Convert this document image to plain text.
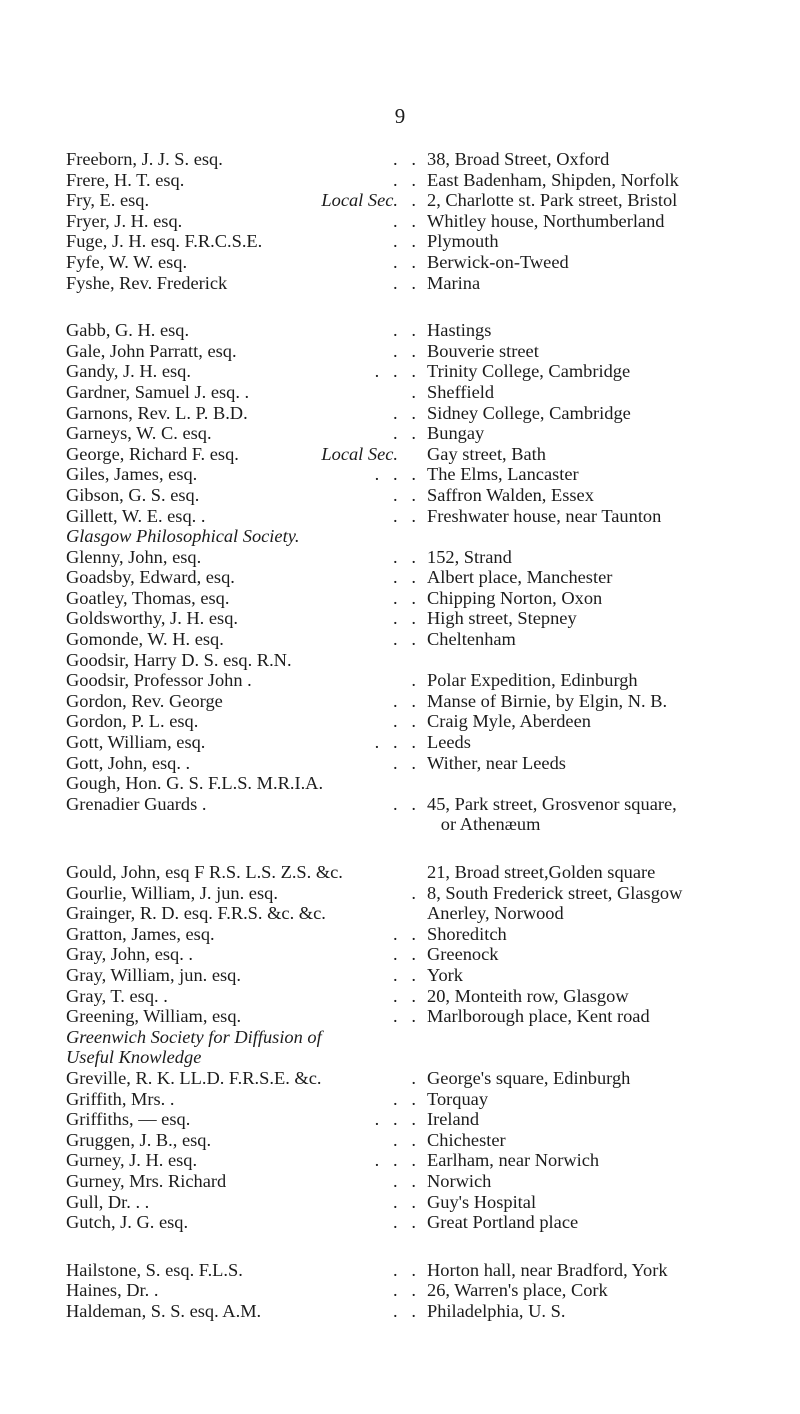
9
Freeborn, J. J. S. esq.	.   . 38, Broad Street, Oxford
Frere, H. T. esq.	.   . East Badenham, Shipden, Norfolk
Fry, E. esq.	Local Sec. . 2, Charlotte st. Park street, Bristol
Fryer, J. H. esq.	.   . Whitley house, Northumberland
Fuge, J. H. esq. F.R.C.S.E.	.   . Plymouth
Fyfe, W. W. esq.	.   . Berwick-on-Tweed
Fyshe, Rev. Frederick	.   . Marina
Gabb, G. H. esq.	.   . Hastings
Gale, John Parratt, esq.	.   . Bouverie street
Gandy, J. H. esq.	.   .   . Trinity College, Cambridge
Gardner, Samuel J. esq. .	. Sheffield
Garnons, Rev. L. P. B.D.	.   . Sidney College, Cambridge
Garneys, W. C. esq.	.   . Bungay
George, Richard F. esq.	Local Sec. Gay street, Bath
Giles, James, esq.	.   .   . The Elms, Lancaster
Gibson, G. S. esq.	.   . Saffron Walden, Essex
Gillett, W. E. esq. .	.   . Freshwater house, near Taunton
Glasgow Philosophical Society.
Glenny, John, esq.	.   . 152, Strand
Goadsby, Edward, esq.	.   . Albert place, Manchester
Goatley, Thomas, esq.	.   . Chipping Norton, Oxon
Goldsworthy, J. H. esq.	.   . High street, Stepney
Gomonde, W. H. esq.	.   . Cheltenham
Goodsir, Harry D. S. esq. R.N.
Goodsir, Professor John .	. Polar Expedition, Edinburgh
Gordon, Rev. George	.   . Manse of Birnie, by Elgin, N. B.
Gordon, P. L. esq.	.   . Craig Myle, Aberdeen
Gott, William, esq.	.   .   . Leeds
Gott, John, esq. .	.   . Wither, near Leeds
Gough, Hon. G. S. F.L.S. M.R.I.A.
Grenadier Guards .	.   . 45, Park street, Grosvenor square,
or Athenæum
Gould, John, esq F R.S. L.S. Z.S. &c.	21, Broad street,Golden square
Gourlie, William, J. jun. esq.	. 8, South Frederick street, Glasgow
Grainger, R. D. esq. F.R.S. &c. &c.	Anerley, Norwood
Gratton, James, esq.	.   . Shoreditch
Gray, John, esq. .	.   . Greenock
Gray, William, jun. esq.	.   . York
Gray, T. esq. .	.   . 20, Monteith row, Glasgow
Greening, William, esq.	.   . Marlborough place, Kent road
Greenwich Society for Diffusion of
Useful Knowledge
Greville, R. K. LL.D. F.R.S.E. &c.	. George's square, Edinburgh
Griffith, Mrs. .	.   . Torquay
Griffiths, — esq.	.   .   . Ireland
Gruggen, J. B., esq.	.   . Chichester
Gurney, J. H. esq.	.   .   . Earlham, near Norwich
Gurney, Mrs. Richard	.   . Norwich
Gull, Dr. . .	.   . Guy's Hospital
Gutch, J. G. esq.	.   . Great Portland place
Hailstone, S. esq. F.L.S.	.   . Horton hall, near Bradford, York
Haines, Dr. .	.   . 26, Warren's place, Cork
Haldeman, S. S. esq. A.M.	.   . Philadelphia, U. S.
